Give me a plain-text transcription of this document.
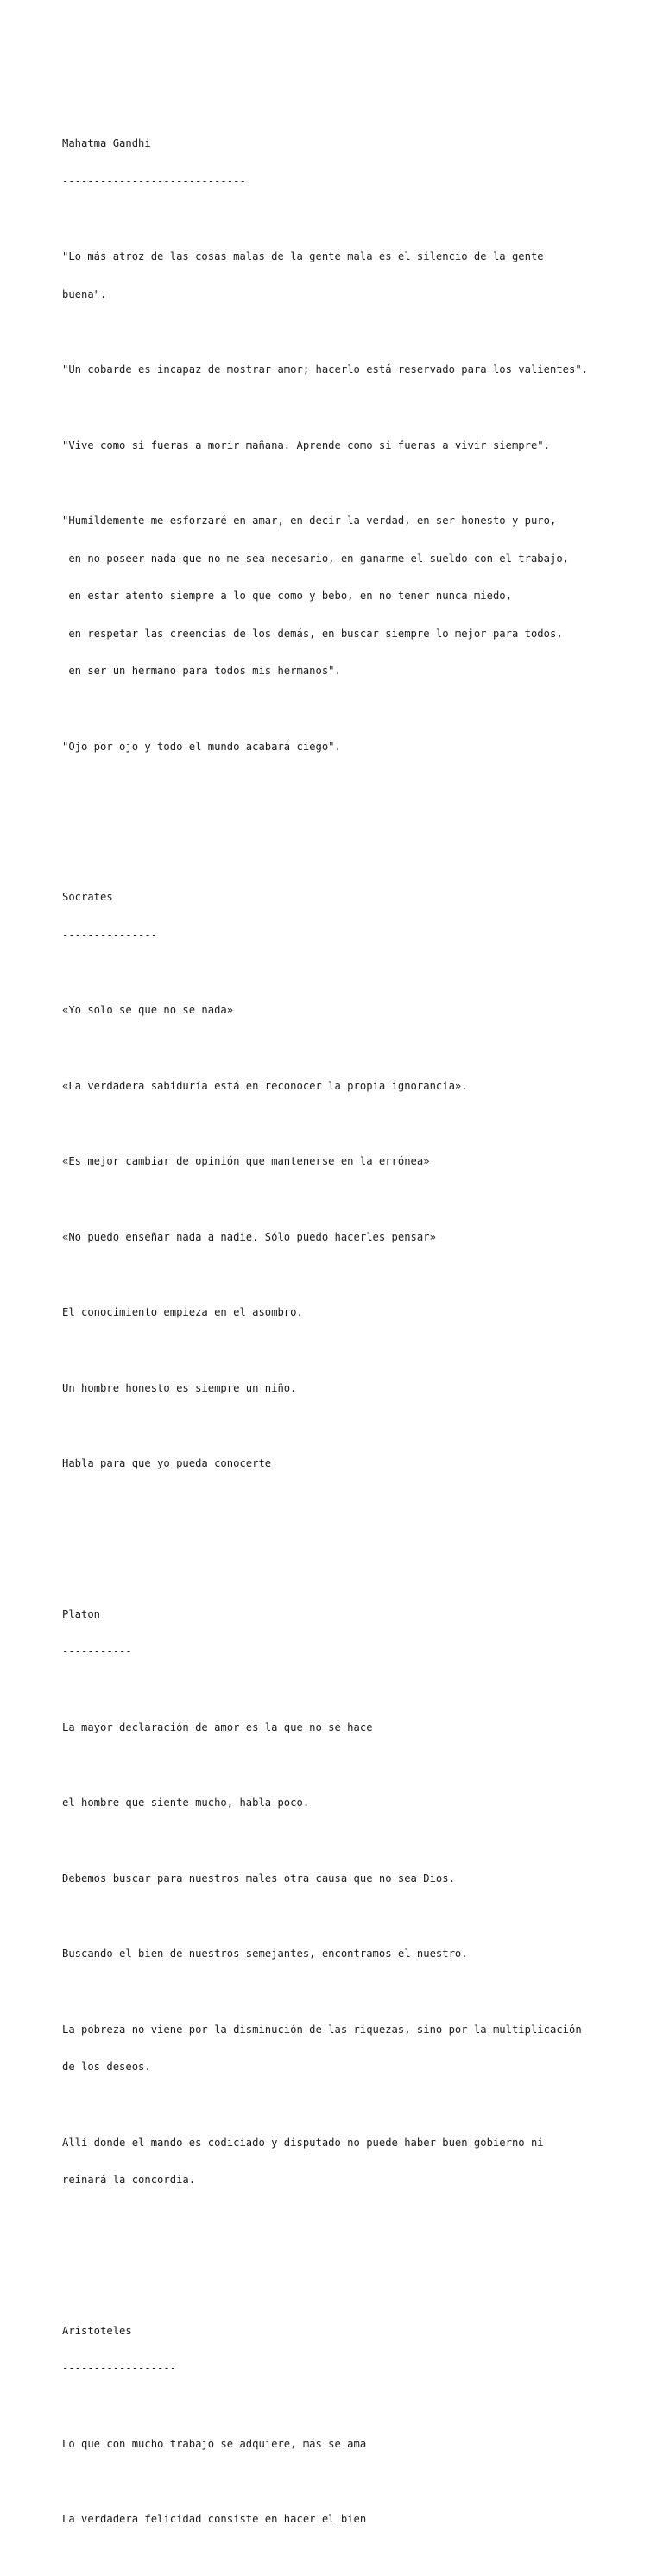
Mahatma Gandhi

-----------------------------

"Lo más atroz de las cosas malas de la gente mala es el silencio de la gente

buena".

"Un cobarde es incapaz de mostrar amor; hacerlo está reservado para los valientes".

"Vive como si fueras a morir mañana. Aprende como si fueras a vivir siempre".

"Humildemente me esforzaré en amar, en decir la verdad, en ser honesto y puro,

en no poseer nada que no me sea necesario, en ganarme el sueldo con el trabajo,

en estar atento siempre a lo que como y bebo, en no tener nunca miedo,

en respetar las creencias de los demás, en buscar siempre lo mejor para todos,

en ser un hermano para todos mis hermanos".

"Ojo por ojo y todo el mundo acabará ciego".

Socrates

---------------

«Yo solo se que no se nada»

«La verdadera sabiduría está en reconocer la propia ignorancia».

«Es mejor cambiar de opinión que mantenerse en la errónea»

«No puedo enseñar nada a nadie. Sólo puedo hacerles pensar»

El conocimiento empieza en el asombro.

Un hombre honesto es siempre un niño.

Habla para que yo pueda conocerte

Platon

-----------

La mayor declaración de amor es la que no se hace

el hombre que siente mucho, habla poco.

Debemos buscar para nuestros males otra causa que no sea Dios.

Buscando el bien de nuestros semejantes, encontramos el nuestro.

La pobreza no viene por la disminución de las riquezas, sino por la multiplicación

de los deseos.

Allí donde el mando es codiciado y disputado no puede haber buen gobierno ni

reinará la concordia.

Aristoteles

------------------

Lo que con mucho trabajo se adquiere, más se ama

La verdadera felicidad consiste en hacer el bien
